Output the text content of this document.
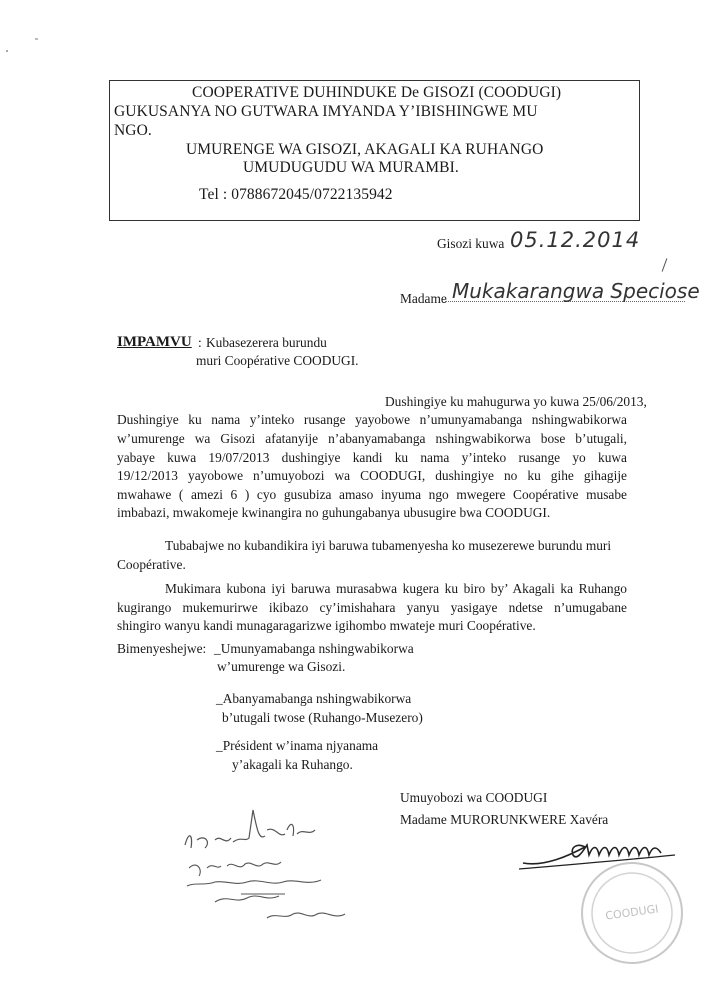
COOPERATIVE DUHINDUKE De GISOZI (COODUGI)
GUKUSANYA NO GUTWARA IMYANDA Y’IBISHINGWE MU
NGO.
UMURENGE WA GISOZI, AKAGALI KA RUHANGO
UMUDUGUDU WA MURAMBI.
Tel : 0788672045/0722135942
Gisozi kuwa 05.12.2014
Madame Mukakarangwa Speciose
IMPAMVU : Kubasezerera burundu
muri Coopérative COODUGI.
Dushingiye ku mahugurwa yo kuwa 25/06/2013,
Dushingiye ku nama y’inteko rusange yayobowe n’umunyamabanga nshingwabikorwa
w’umurenge wa Gisozi afatanyije n’abanyamabanga nshingwabikorwa bose b’utugali,
yabaye kuwa 19/07/2013 dushingiye kandi ku nama y’inteko rusange yo kuwa
19/12/2013 yayobowe n’umuyobozi wa COODUGI, dushingiye no ku gihe gihagije
mwahawe ( amezi 6 ) cyo gusubiza amaso inyuma ngo mwegere Coopérative musabe
imbabazi, mwakomeje kwinangira no guhungabanya ubusugire bwa COODUGI.
Tubabajwe no kubandikira iyi baruwa tubamenyesha ko musezerewe burundu muri
Coopérative.
Mukimara kubona iyi baruwa murasabwa kugera ku biro by’ Akagali ka Ruhango
kugirango mukemurirwe ikibazo cy’imishahara yanyu yasigaye ndetse n’umugabane
shingiro wanyu kandi munagaragarizwe igihombo mwateje muri Coopérative.
Bimenyeshejwe: _Umunyamabanga nshingwabikorwa
w’umurenge wa Gisozi.
_Abanyamabanga nshingwabikorwa
b’utugali twose (Ruhango-Musezero)
_Président w’inama njyanama
y’akagali ka Ruhango.
Umuyobozi wa COODUGI
Madame MURORUNKWERE Xavéra
COODUGI
